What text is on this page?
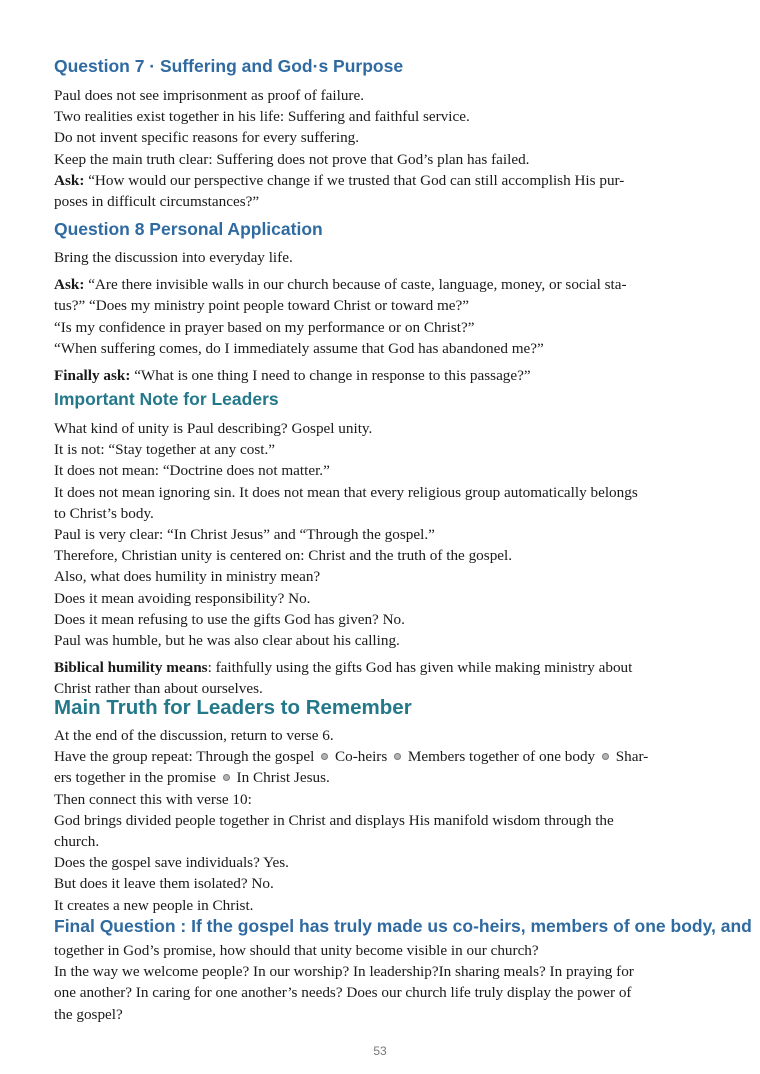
Question 7 · Suffering and God·s Purpose

Paul does not see imprisonment as proof of failure.

Two realities exist together in his life: Suffering and faithful service.

Do not invent specific reasons for every suffering.

Keep the main truth clear: Suffering does not prove that God’s plan has failed.

Ask: “How would our perspective change if we trusted that God can still accomplish His pur-

poses in difficult circumstances?”

Question 8 Personal Application

Bring the discussion into everyday life.

Ask: “Are there invisible walls in our church because of caste, language, money, or social sta-

tus?” “Does my ministry point people toward Christ or toward me?”

“Is my confidence in prayer based on my performance or on Christ?”

“When suffering comes, do I immediately assume that God has abandoned me?”

Finally ask: “What is one thing I need to change in response to this passage?”

Important Note for Leaders

What kind of unity is Paul describing? Gospel unity.

It is not: “Stay together at any cost.”

It does not mean: “Doctrine does not matter.”

It does not mean ignoring sin. It does not mean that every religious group automatically belongs

to Christ’s body.

Paul is very clear: “In Christ Jesus” and “Through the gospel.”

Therefore, Christian unity is centered on: Christ and the truth of the gospel.

Also, what does humility in ministry mean?

Does it mean avoiding responsibility? No.

Does it mean refusing to use the gifts God has given? No.

Paul was humble, but he was also clear about his calling.

Biblical humility means: faithfully using the gifts God has given while making ministry about

Christ rather than about ourselves.

Main Truth for Leaders to Remember

At the end of the discussion, return to verse 6.

Have the group repeat: Through the gospel  Co-heirs  Members together of one body  Shar-

ers together in the promise  In Christ Jesus.

Then connect this with verse 10:

God brings divided people together in Christ and displays His manifold wisdom through the

church.

Does the gospel save individuals? Yes.

But does it leave them isolated? No.

It creates a new people in Christ.

Final Question : If the gospel has truly made us co-heirs, members of one body, and

together in God’s promise, how should that unity become visible in our church?

In the way we welcome people? In our worship? In leadership?In sharing meals? In praying for

one another? In caring for one another’s needs? Does our church life truly display the power of

the gospel?

53
